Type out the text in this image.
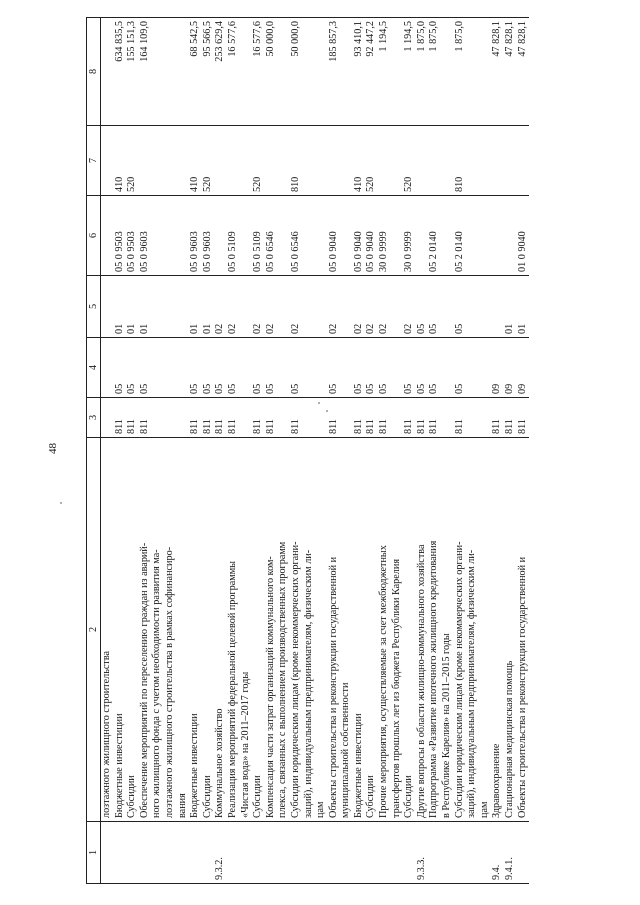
48
1	2	3	4	5	6	7	8
	лозтажного жилищного строительства						
	Бюджетные инвестиции	811	05	01	05 0 9503	410	634 835,5
	Субсидии	811	05	01	05 0 9503	520	155 151,3
	Обеспечение мероприятий по переселению граждан из аварий-	811	05	01	05 0 9603		164 109,0
	ного жилищного фонда с учетом необходимости развития ма-						
	лоэтажного жилищного строительства в рамках софинансиро-						
	вания						
	Бюджетные инвестиции	811	05	01	05 0 9603	410	68 542,5
	Субсидии	811	05	01	05 0 9603	520	95 566,5
9.3.2.	Коммунальное хозяйство	811	05	02			253 629,4
	Реализация мероприятий федеральной целевой программы	811	05	02	05 0 5109		16 577,6
	«Чистая вода» на 2011–2017 годы						
	Субсидии	811	05	02	05 0 5109	520	16 577,6
	Компенсация части затрат организаций коммунального ком-	811	05	02	05 0 6546		50 000,0
	плекса, связанных с выполнением производственных программ						
	Субсидии юридическим лицам (кроме некоммерческих органи-	811	05	02	05 0 6546	810	50 000,0
	заций), индивидуальным предпринимателям, физическим ли-						
	цам						
	Объекты строительства и реконструкции государственной и	811	05	02	05 0 9040		185 857,3
	муниципальной собственности						
	Бюджетные инвестиции	811	05	02	05 0 9040	410	93 410,1
	Субсидии	811	05	02	05 0 9040	520	92 447,2
	Прочие мероприятия, осуществляемые за счет межбюджетных	811	05	02	30 0 9999		1 194,5
	трансфертов прошлых лет из бюджета Республики Карелия						
	Субсидии	811	05	02	30 0 9999	520	1 194,5
9.3.3.	Другие вопросы в области жилищно-коммунального хозяйства	811	05	05			1 875,0
	Подпрограмма «Развитие ипотечного жилищного кредитования	811	05	05	05 2 0140		1 875,0
	в Республике Карелия» на 2011–2015 годы						
	Субсидии юридическим лицам (кроме некоммерческих органи-	811	05	05	05 2 0140	810	1 875,0
	заций), индивидуальным предпринимателям, физическим ли-						
	цам						
9.4.	Здравоохранение	811	09				47 828,1
9.4.1.	Стационарная медицинская помощь	811	09	01			47 828,1
	Объекты строительства и реконструкции государственной и	811	09	01	01 0 9040		47 828,1
